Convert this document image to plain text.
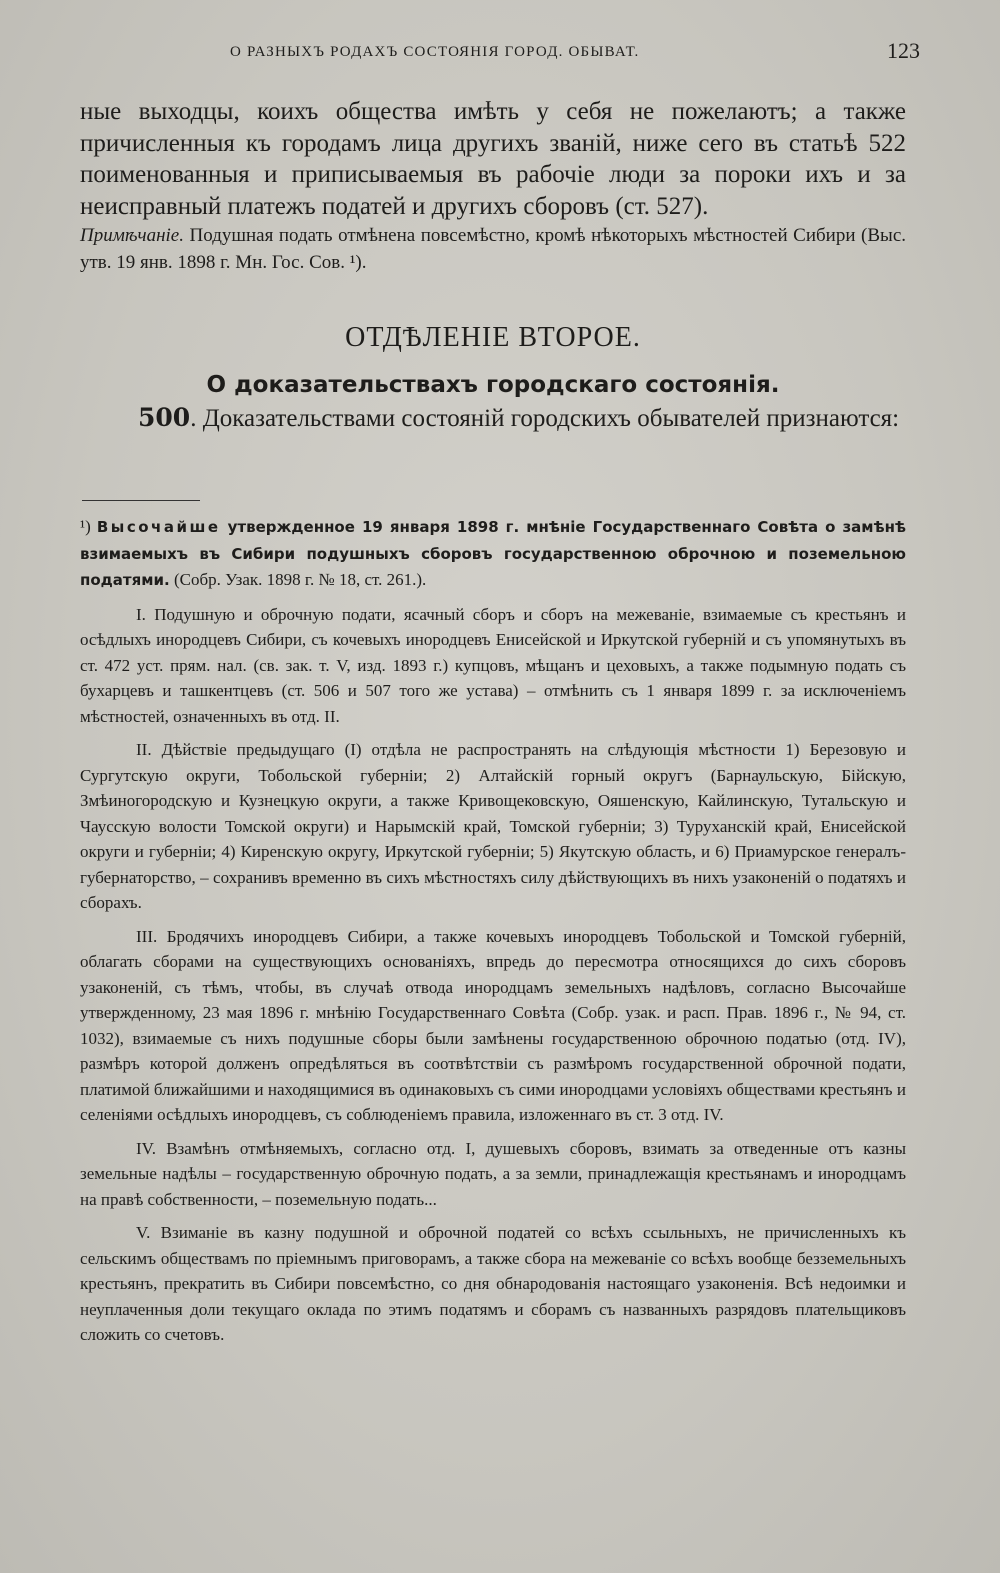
О РАЗНЫХЪ РОДАХЪ СОСТОЯНІЯ ГОРОД. ОБЫВАТ.	123

ные выходцы, коихъ общества имѣть у себя не пожелаютъ; а также причисленныя къ городамъ лица другихъ званій, ниже сего въ статьѣ 522 поименованныя и приписываемыя въ рабочіе люди за пороки ихъ и за неисправный платежъ податей и другихъ сборовъ (ст. 527).

Примѣчаніе. Подушная подать отмѣнена повсемѣстно, кромѣ нѣкоторыхъ мѣстностей Сибири (Выс. утв. 19 янв. 1898 г. Мн. Гос. Сов. ¹).

ОТДѢЛЕНІЕ ВТОРОЕ.
О доказательствахъ городскаго состоянія.

500. Доказательствами состояній городскихъ обывателей признаются:

¹) Высочайше утвержденное 19 января 1898 г. мнѣніе Государственнаго Совѣта о замѣнѣ взимаемыхъ въ Сибири подушныхъ сборовъ государственною оброчною и поземельною податями. (Собр. Узак. 1898 г. № 18, ст. 261.).

I. Подушную и оброчную подати, ясачный сборъ и сборъ на межеваніе, взимаемые съ крестьянъ и осѣдлыхъ инородцевъ Сибири, съ кочевыхъ инородцевъ Енисейской и Иркутской губерній и съ упомянутыхъ въ ст. 472 уст. прям. нал. (св. зак. т. V, изд. 1893 г.) купцовъ, мѣщанъ и цеховыхъ, а также подымную подать съ бухарцевъ и ташкентцевъ (ст. 506 и 507 того же устава) – отмѣнить съ 1 января 1899 г. за исключеніемъ мѣстностей, означенныхъ въ отд. II.

II. Дѣйствіе предыдущаго (I) отдѣла не распространять на слѣдующія мѣстности 1) Березовую и Сургутскую округи, Тобольской губерніи; 2) Алтайскій горный округъ (Барнаульскую, Бійскую, Змѣиногородскую и Кузнецкую округи, а также Кривощековскую, Ояшенскую, Кайлинскую, Тутальскую и Чаусскую волости Томской округи) и Нарымскій край, Томской губерніи; 3) Туруханскій край, Енисейской округи и губерніи; 4) Киренскую округу, Иркутской губерніи; 5) Якутскую область, и 6) Приамурское генералъ-губернаторство, – сохранивъ временно въ сихъ мѣстностяхъ силу дѣйствующихъ въ нихъ узаконеній о податяхъ и сборахъ.

III. Бродячихъ инородцевъ Сибири, а также кочевыхъ инородцевъ Тобольской и Томской губерній, облагать сборами на существующихъ основаніяхъ, впредь до пересмотра относящихся до сихъ сборовъ узаконеній, съ тѣмъ, чтобы, въ случаѣ отвода инородцамъ земельныхъ надѣловъ, согласно Высочайше утвержденному, 23 мая 1896 г. мнѣнію Государственнаго Совѣта (Собр. узак. и расп. Прав. 1896 г., № 94, ст. 1032), взимаемые съ нихъ подушные сборы были замѣнены государственною оброчною податью (отд. IV), размѣръ которой долженъ опредѣляться въ соотвѣтствіи съ размѣромъ государственной оброчной подати, платимой ближайшими и находящимися въ одинаковыхъ съ сими инородцами условіяхъ обществами крестьянъ и селеніями осѣдлыхъ инородцевъ, съ соблюденіемъ правила, изложеннаго въ ст. 3 отд. IV.

IV. Взамѣнъ отмѣняемыхъ, согласно отд. I, душевыхъ сборовъ, взимать за отведенные отъ казны земельные надѣлы – государственную оброчную подать, а за земли, принадлежащія крестьянамъ и инородцамъ на правѣ собственности, – поземельную подать...

V. Взиманіе въ казну подушной и оброчной податей со всѣхъ ссыльныхъ, не причисленныхъ къ сельскимъ обществамъ по пріемнымъ приговорамъ, а также сбора на межеваніе со всѣхъ вообще безземельныхъ крестьянъ, прекратить въ Сибири повсемѣстно, со дня обнародованія настоящаго узаконенія. Всѣ недоимки и неуплаченныя доли текущаго оклада по этимъ податямъ и сборамъ съ названныхъ разрядовъ плательщиковъ сложить со счетовъ.
